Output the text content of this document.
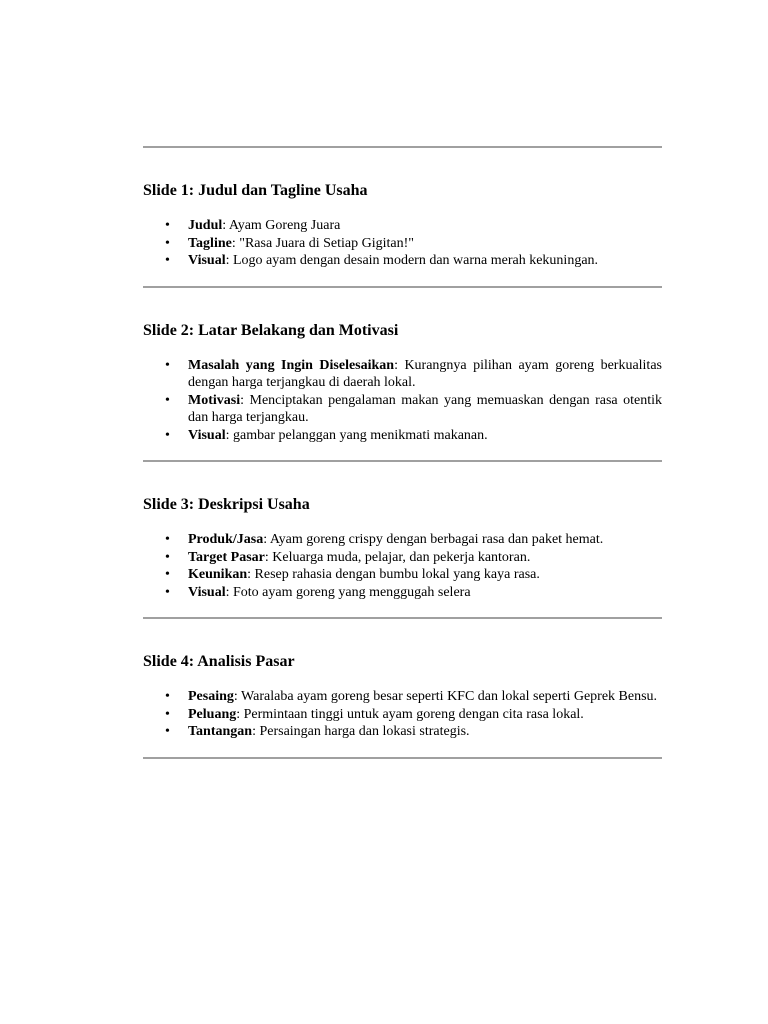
Slide 1: Judul dan Tagline Usaha
• Judul: Ayam Goreng Juara
• Tagline: "Rasa Juara di Setiap Gigitan!"
• Visual: Logo ayam dengan desain modern dan warna merah kekuningan.
Slide 2: Latar Belakang dan Motivasi
• Masalah yang Ingin Diselesaikan: Kurangnya pilihan ayam goreng berkualitas dengan harga terjangkau di daerah lokal.
• Motivasi: Menciptakan pengalaman makan yang memuaskan dengan rasa otentik dan harga terjangkau.
• Visual: gambar pelanggan yang menikmati makanan.
Slide 3: Deskripsi Usaha
• Produk/Jasa: Ayam goreng crispy dengan berbagai rasa dan paket hemat.
• Target Pasar: Keluarga muda, pelajar, dan pekerja kantoran.
• Keunikan: Resep rahasia dengan bumbu lokal yang kaya rasa.
• Visual: Foto ayam goreng yang menggugah selera
Slide 4: Analisis Pasar
• Pesaing: Waralaba ayam goreng besar seperti KFC dan lokal seperti Geprek Bensu.
• Peluang: Permintaan tinggi untuk ayam goreng dengan cita rasa lokal.
• Tantangan: Persaingan harga dan lokasi strategis.
